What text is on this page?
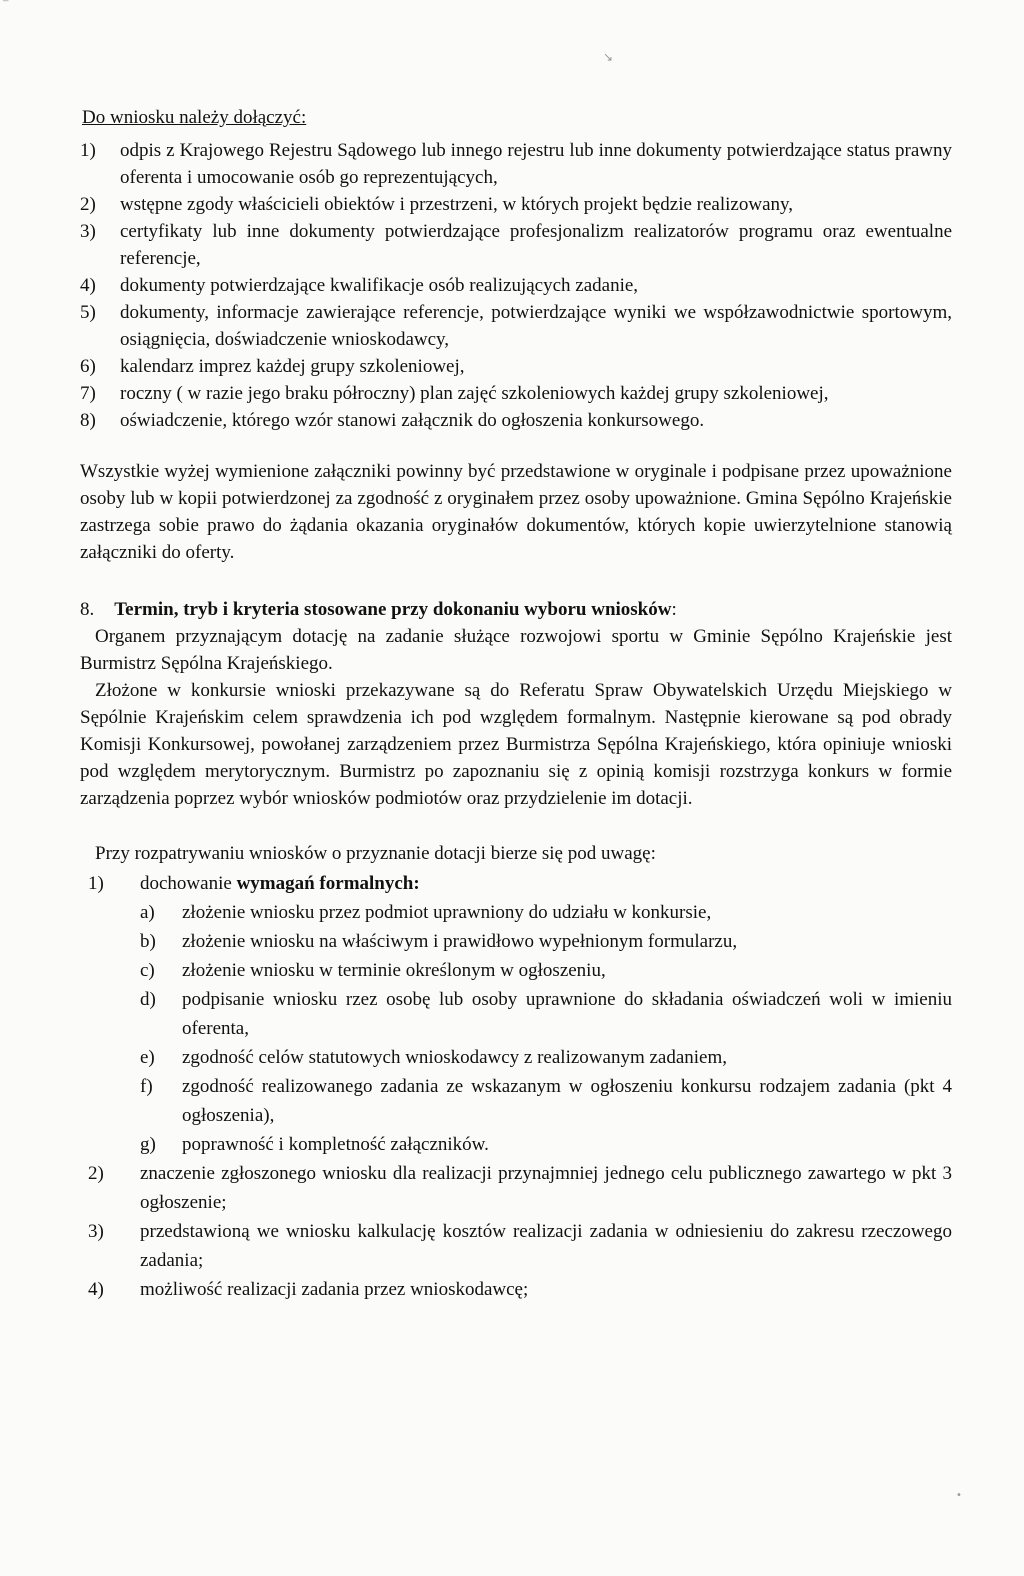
⁻
↘
•
Do wniosku należy dołączyć:
1)	odpis z Krajowego Rejestru Sądowego lub innego rejestru lub inne dokumenty potwierdzające status prawny oferenta i umocowanie osób go reprezentujących,
2)	wstępne zgody właścicieli obiektów i przestrzeni, w których projekt będzie realizowany,
3)	certyfikaty lub inne dokumenty potwierdzające profesjonalizm realizatorów programu oraz ewentualne referencje,
4)	dokumenty potwierdzające kwalifikacje osób realizujących zadanie,
5)	dokumenty, informacje zawierające referencje, potwierdzające wyniki we współzawodnictwie sportowym, osiągnięcia, doświadczenie wnioskodawcy,
6)	kalendarz imprez każdej grupy szkoleniowej,
7)	roczny ( w razie jego braku półroczny) plan zajęć szkoleniowych każdej grupy szkoleniowej,
8)	oświadczenie, którego wzór stanowi załącznik do ogłoszenia konkursowego.

Wszystkie wyżej wymienione załączniki powinny być przedstawione w oryginale i podpisane przez upoważnione osoby lub w kopii potwierdzonej za zgodność z oryginałem przez osoby upoważnione. Gmina Sępólno Krajeńskie zastrzega sobie prawo do żądania okazania oryginałów dokumentów, których kopie uwierzytelnione stanowią załączniki do oferty.

8.	Termin, tryb i kryteria stosowane przy dokonaniu wyboru wniosków:

Organem przyznającym dotację na zadanie służące rozwojowi sportu w Gminie Sępólno Krajeńskie jest Burmistrz Sępólna Krajeńskiego.

Złożone w konkursie wnioski przekazywane są do Referatu Spraw Obywatelskich Urzędu Miejskiego w Sępólnie Krajeńskim celem sprawdzenia ich pod względem formalnym. Następnie kierowane są pod obrady Komisji Konkursowej, powołanej zarządzeniem przez Burmistrza Sępólna Krajeńskiego, która opiniuje wnioski pod względem merytorycznym. Burmistrz po zapoznaniu się z opinią komisji rozstrzyga konkurs w formie zarządzenia poprzez wybór wniosków podmiotów oraz przydzielenie im dotacji.

Przy rozpatrywaniu wniosków o przyznanie dotacji bierze się pod uwagę:

1)	dochowanie wymagań formalnych:
a)	złożenie wniosku przez podmiot uprawniony do udziału w konkursie,
b)	złożenie wniosku na właściwym i prawidłowo wypełnionym formularzu,
c)	złożenie wniosku w terminie określonym w ogłoszeniu,
d)	podpisanie wniosku rzez osobę lub osoby uprawnione do składania oświadczeń woli w imieniu oferenta,
e)	zgodność celów statutowych wnioskodawcy z realizowanym zadaniem,
f)	zgodność realizowanego zadania ze wskazanym w ogłoszeniu konkursu rodzajem zadania (pkt 4 ogłoszenia),
g)	poprawność i kompletność załączników.
2)	znaczenie zgłoszonego wniosku dla realizacji przynajmniej jednego celu publicznego zawartego w pkt 3 ogłoszenie;
3)	przedstawioną we wniosku kalkulację kosztów realizacji zadania w odniesieniu do zakresu rzeczowego zadania;
4)	możliwość realizacji zadania przez wnioskodawcę;
